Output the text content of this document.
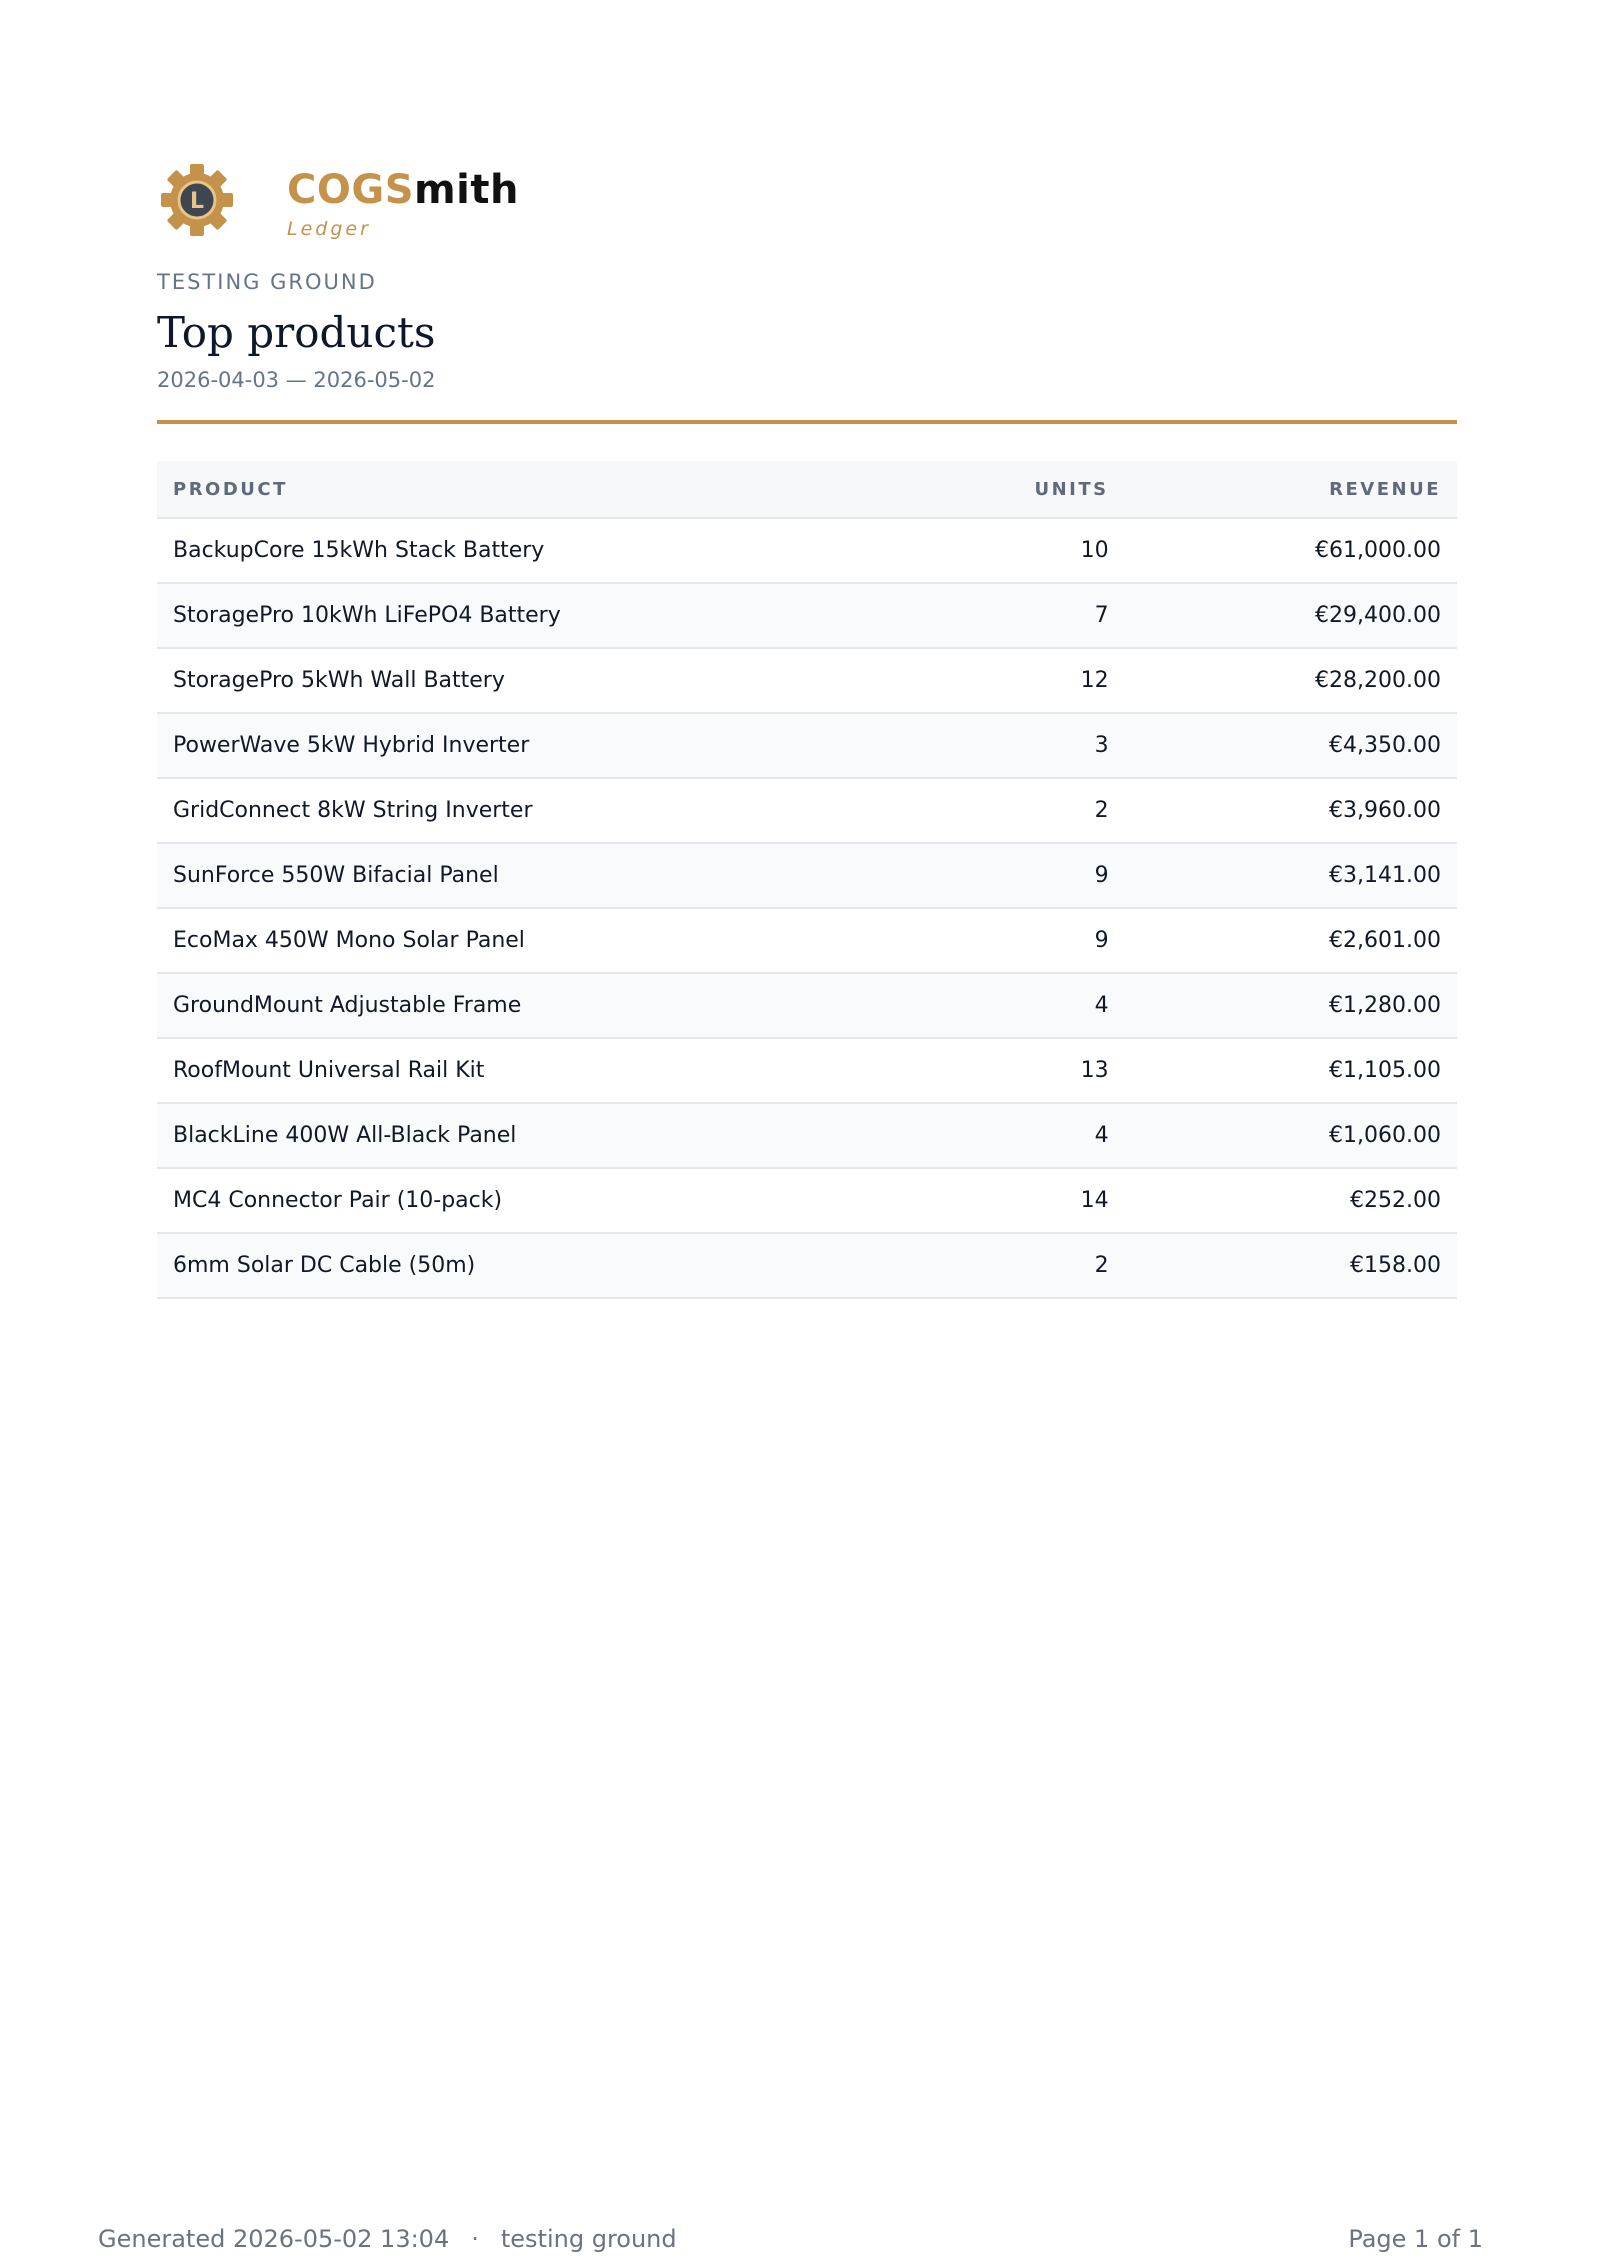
L COGSmith
Ledger
TESTING GROUND
Top products
2026-04-03 — 2026-05-02
PRODUCT	UNITS	REVENUE
BackupCore 15kWh Stack Battery	10	€61,000.00
StoragePro 10kWh LiFePO4 Battery	7	€29,400.00
StoragePro 5kWh Wall Battery	12	€28,200.00
PowerWave 5kW Hybrid Inverter	3	€4,350.00
GridConnect 8kW String Inverter	2	€3,960.00
SunForce 550W Bifacial Panel	9	€3,141.00
EcoMax 450W Mono Solar Panel	9	€2,601.00
GroundMount Adjustable Frame	4	€1,280.00
RoofMount Universal Rail Kit	13	€1,105.00
BlackLine 400W All-Black Panel	4	€1,060.00
MC4 Connector Pair (10-pack)	14	€252.00
6mm Solar DC Cable (50m)	2	€158.00
Generated 2026-05-02 13:04 · testing ground	Page 1 of 1
